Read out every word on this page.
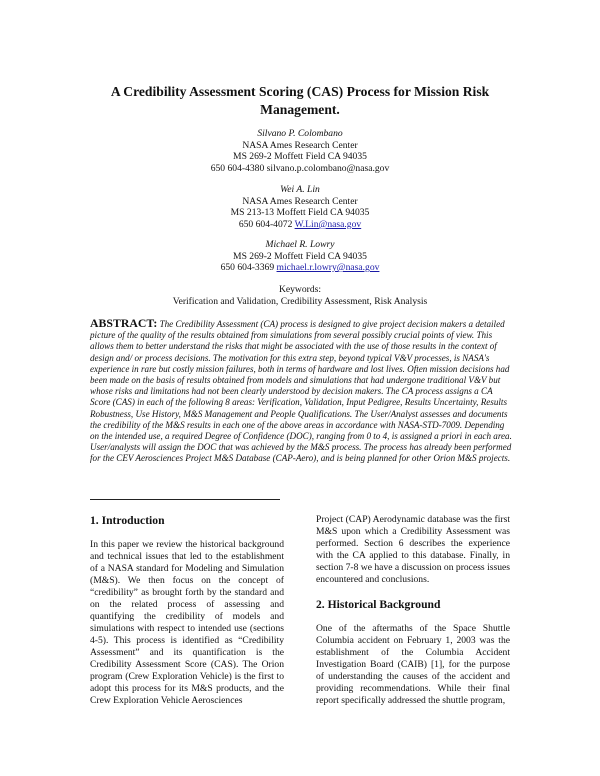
A Credibility Assessment Scoring (CAS) Process for Mission Risk Management.
Silvano P. Colombano
NASA Ames Research Center
MS 269-2 Moffett Field CA 94035
650 604-4380 silvano.p.colombano@nasa.gov
Wei A. Lin
NASA Ames Research Center
MS 213-13 Moffett Field CA 94035
650 604-4072 W.Lin@nasa.gov
Michael R. Lowry
MS 269-2 Moffett Field CA 94035
650 604-3369 michael.r.lowry@nasa.gov
Keywords:
Verification and Validation, Credibility Assessment, Risk Analysis
ABSTRACT: The Credibility Assessment (CA) process is designed to give project decision makers a detailed picture of the quality of the results obtained from simulations from several possibly crucial points of view. This allows them to better understand the risks that might be associated with the use of those results in the context of design and/ or process decisions. The motivation for this extra step, beyond typical V&V processes, is NASA's experience in rare but costly mission failures, both in terms of hardware and lost lives. Often mission decisions had been made on the basis of results obtained from models and simulations that had undergone traditional V&V but whose risks and limitations had not been clearly understood by decision makers. The CA process assigns a CA Score (CAS) in each of the following 8 areas: Verification, Validation, Input Pedigree, Results Uncertainty, Results Robustness, Use History, M&S Management and People Qualifications. The User/Analyst assesses and documents the credibility of the M&S results in each one of the above areas in accordance with NASA-STD-7009. Depending on the intended use, a required Degree of Confidence (DOC), ranging from 0 to 4, is assigned a priori in each area. User/analysts will assign the DOC that was achieved by the M&S process. The process has already been performed for the CEV Aerosciences Project M&S Database (CAP-Aero), and is being planned for other Orion M&S projects.
1. Introduction

In this paper we review the historical background and technical issues that led to the establishment of a NASA standard for Modeling and Simulation (M&S). We then focus on the concept of “credibility” as brought forth by the standard and on the related process of assessing and quantifying the credibility of models and simulations with respect to intended use (sections 4-5). This process is identified as “Credibility Assessment” and its quantification is the Credibility Assessment Score (CAS). The Orion program (Crew Exploration Vehicle) is the first to adopt this process for its M&S products, and the Crew Exploration Vehicle Aerosciences

Project (CAP) Aerodynamic database was the first M&S upon which a Credibility Assessment was performed. Section 6 describes the experience with the CA applied to this database. Finally, in section 7-8 we have a discussion on process issues encountered and conclusions.

2. Historical Background

One of the aftermaths of the Space Shuttle Columbia accident on February 1, 2003 was the establishment of the Columbia Accident Investigation Board (CAIB) [1], for the purpose of understanding the causes of the accident and providing recommendations. While their final report specifically addressed the shuttle program,
